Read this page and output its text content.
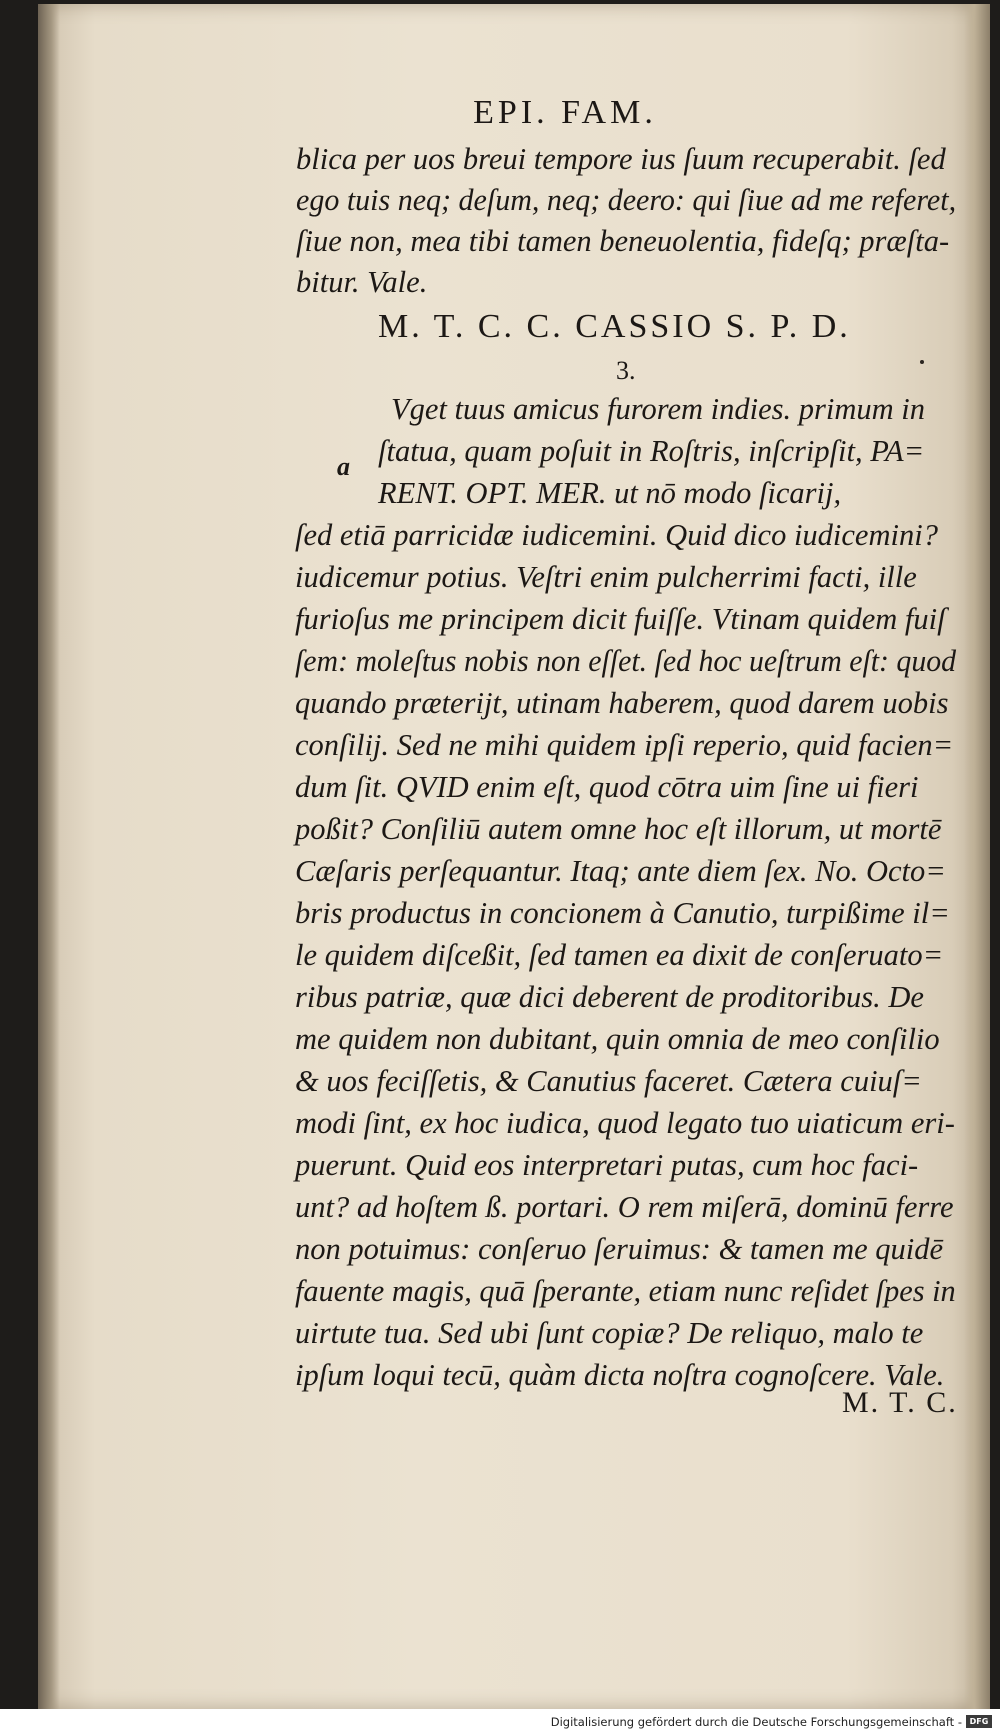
EPI. FAM.
blica per uos breui tempore ius ſuum recuperabit. ſed
ego tuis neq; deſum, neq; deero: qui ſiue ad me referet,
ſiue non, mea tibi tamen beneuolentia, fideſq; præſta-
bitur. Vale.
M. T. C. C. CASSIO S. P. D.
3.
a
Vget tuus amicus furorem indies. primum in
ſtatua, quam poſuit in Roſtris, inſcripſit, PA=
RENT. OPT. MER. ut nō modo ſicarij,
ſed etiā parricidæ iudicemini. Quid dico iudicemini?
iudicemur potius. Veſtri enim pulcherrimi facti, ille
furioſus me principem dicit fuiſſe. Vtinam quidem fuiſ
ſem: moleſtus nobis non eſſet. ſed hoc ueſtrum eſt: quod
quando præterijt, utinam haberem, quod darem uobis
conſilij. Sed ne mihi quidem ipſi reperio, quid facien=
dum ſit. QVID enim eſt, quod cōtra uim ſine ui fieri
poßit? Conſiliū autem omne hoc eſt illorum, ut mortē
Cæſaris perſequantur. Itaq; ante diem ſex. No. Octo=
bris productus in concionem à Canutio, turpißime il=
le quidem diſceßit, ſed tamen ea dixit de conſeruato=
ribus patriæ, quæ dici deberent de proditoribus. De
me quidem non dubitant, quin omnia de meo conſilio
& uos feciſſetis, & Canutius faceret. Cætera cuiuſ=
modi ſint, ex hoc iudica, quod legato tuo uiaticum eri-
puerunt. Quid eos interpretari putas, cum hoc faci-
unt? ad hoſtem ß. portari. O rem miſerā, dominū ferre
non potuimus: conſeruo ſeruimus: & tamen me quidē
fauente magis, quā ſperante, etiam nunc reſidet ſpes in
uirtute tua. Sed ubi ſunt copiæ? De reliquo, malo te
ipſum loqui tecū, quàm dicta noſtra cognoſcere. Vale.
M. T. C.
Digitalisierung gefördert durch die Deutsche Forschungsgemeinschaft - DFG
